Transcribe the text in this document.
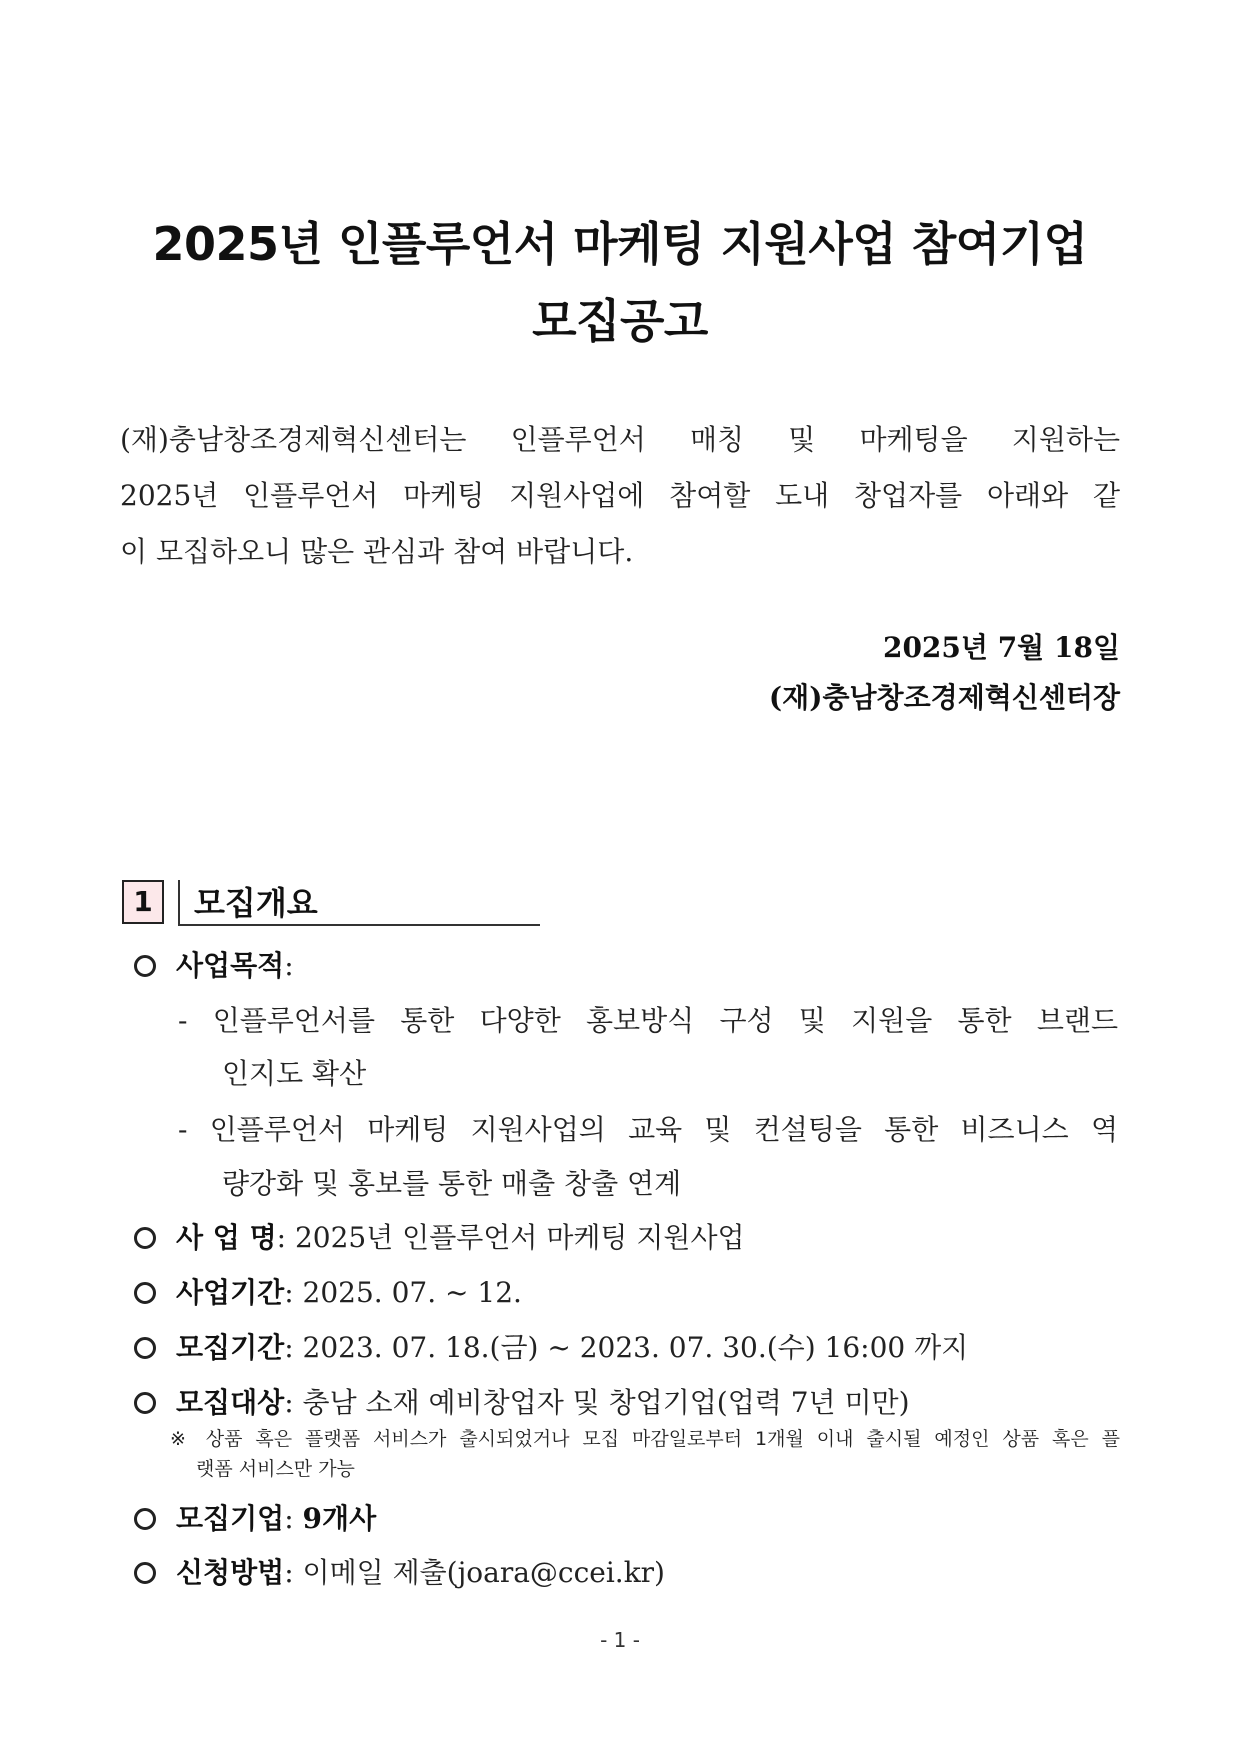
2025년 인플루언서 마케팅 지원사업 참여기업
모집공고
(재)충남창조경제혁신센터는 인플루언서 매칭 및 마케팅을 지원하는
2025년 인플루언서 마케팅 지원사업에 참여할 도내 창업자를 아래와 같
이 모집하오니 많은 관심과 참여 바랍니다.
2025년 7월 18일
(재)충남창조경제혁신센터장
1	모집개요
사업목적:
- 인플루언서를 통한 다양한 홍보방식 구성 및 지원을 통한 브랜드
인지도 확산
- 인플루언서 마케팅 지원사업의 교육 및 컨설팅을 통한 비즈니스 역
량강화 및 홍보를 통한 매출 창출 연계
사 업 명: 2025년 인플루언서 마케팅 지원사업
사업기간: 2025. 07. ~ 12.
모집기간: 2023. 07. 18.(금) ~ 2023. 07. 30.(수) 16:00 까지
모집대상: 충남 소재 예비창업자 및 창업기업(업력 7년 미만)
※ 상품 혹은 플랫폼 서비스가 출시되었거나 모집 마감일로부터 1개월 이내 출시될 예정인 상품 혹은 플
랫폼 서비스만 가능
모집기업: 9개사
신청방법: 이메일 제출(joara@ccei.kr)
- 1 -
